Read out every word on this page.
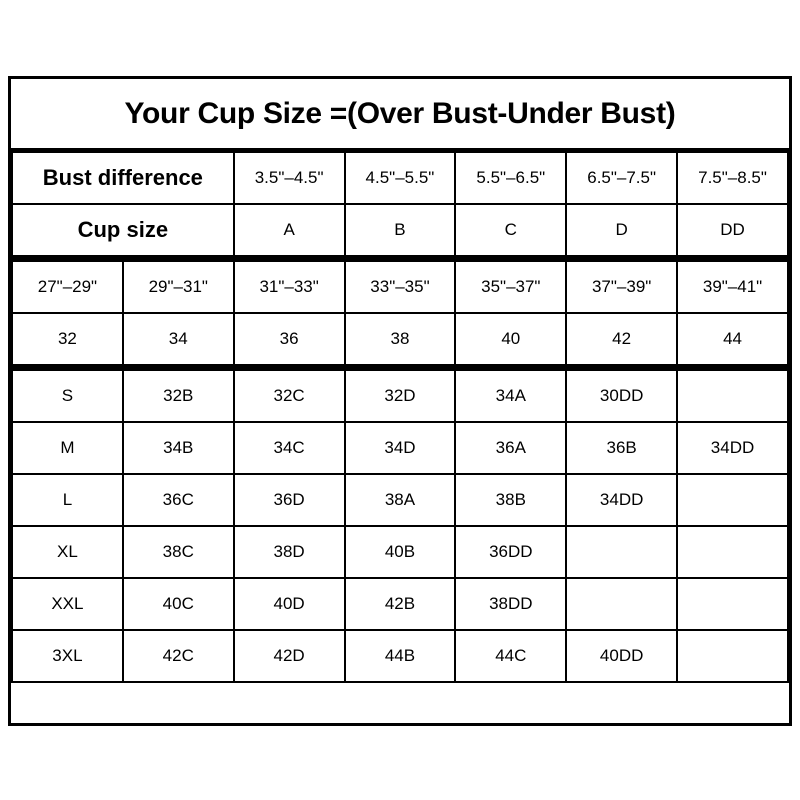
Your Cup Size =(Over Bust-Under Bust)
Bust difference	3.5"–4.5"	4.5"–5.5"	5.5"–6.5"	6.5"–7.5"	7.5"–8.5"
Cup size	A	B	C	D	DD
27"–29"	29"–31"	31"–33"	33"–35"	35"–37"	37"–39"	39"–41"
32	34	36	38	40	42	44
S	32B	32C	32D	34A	30DD	
M	34B	34C	34D	36A	36B	34DD
L	36C	36D	38A	38B	34DD	
XL	38C	38D	40B	36DD		
XXL	40C	40D	42B	38DD		
3XL	42C	42D	44B	44C	40DD	
